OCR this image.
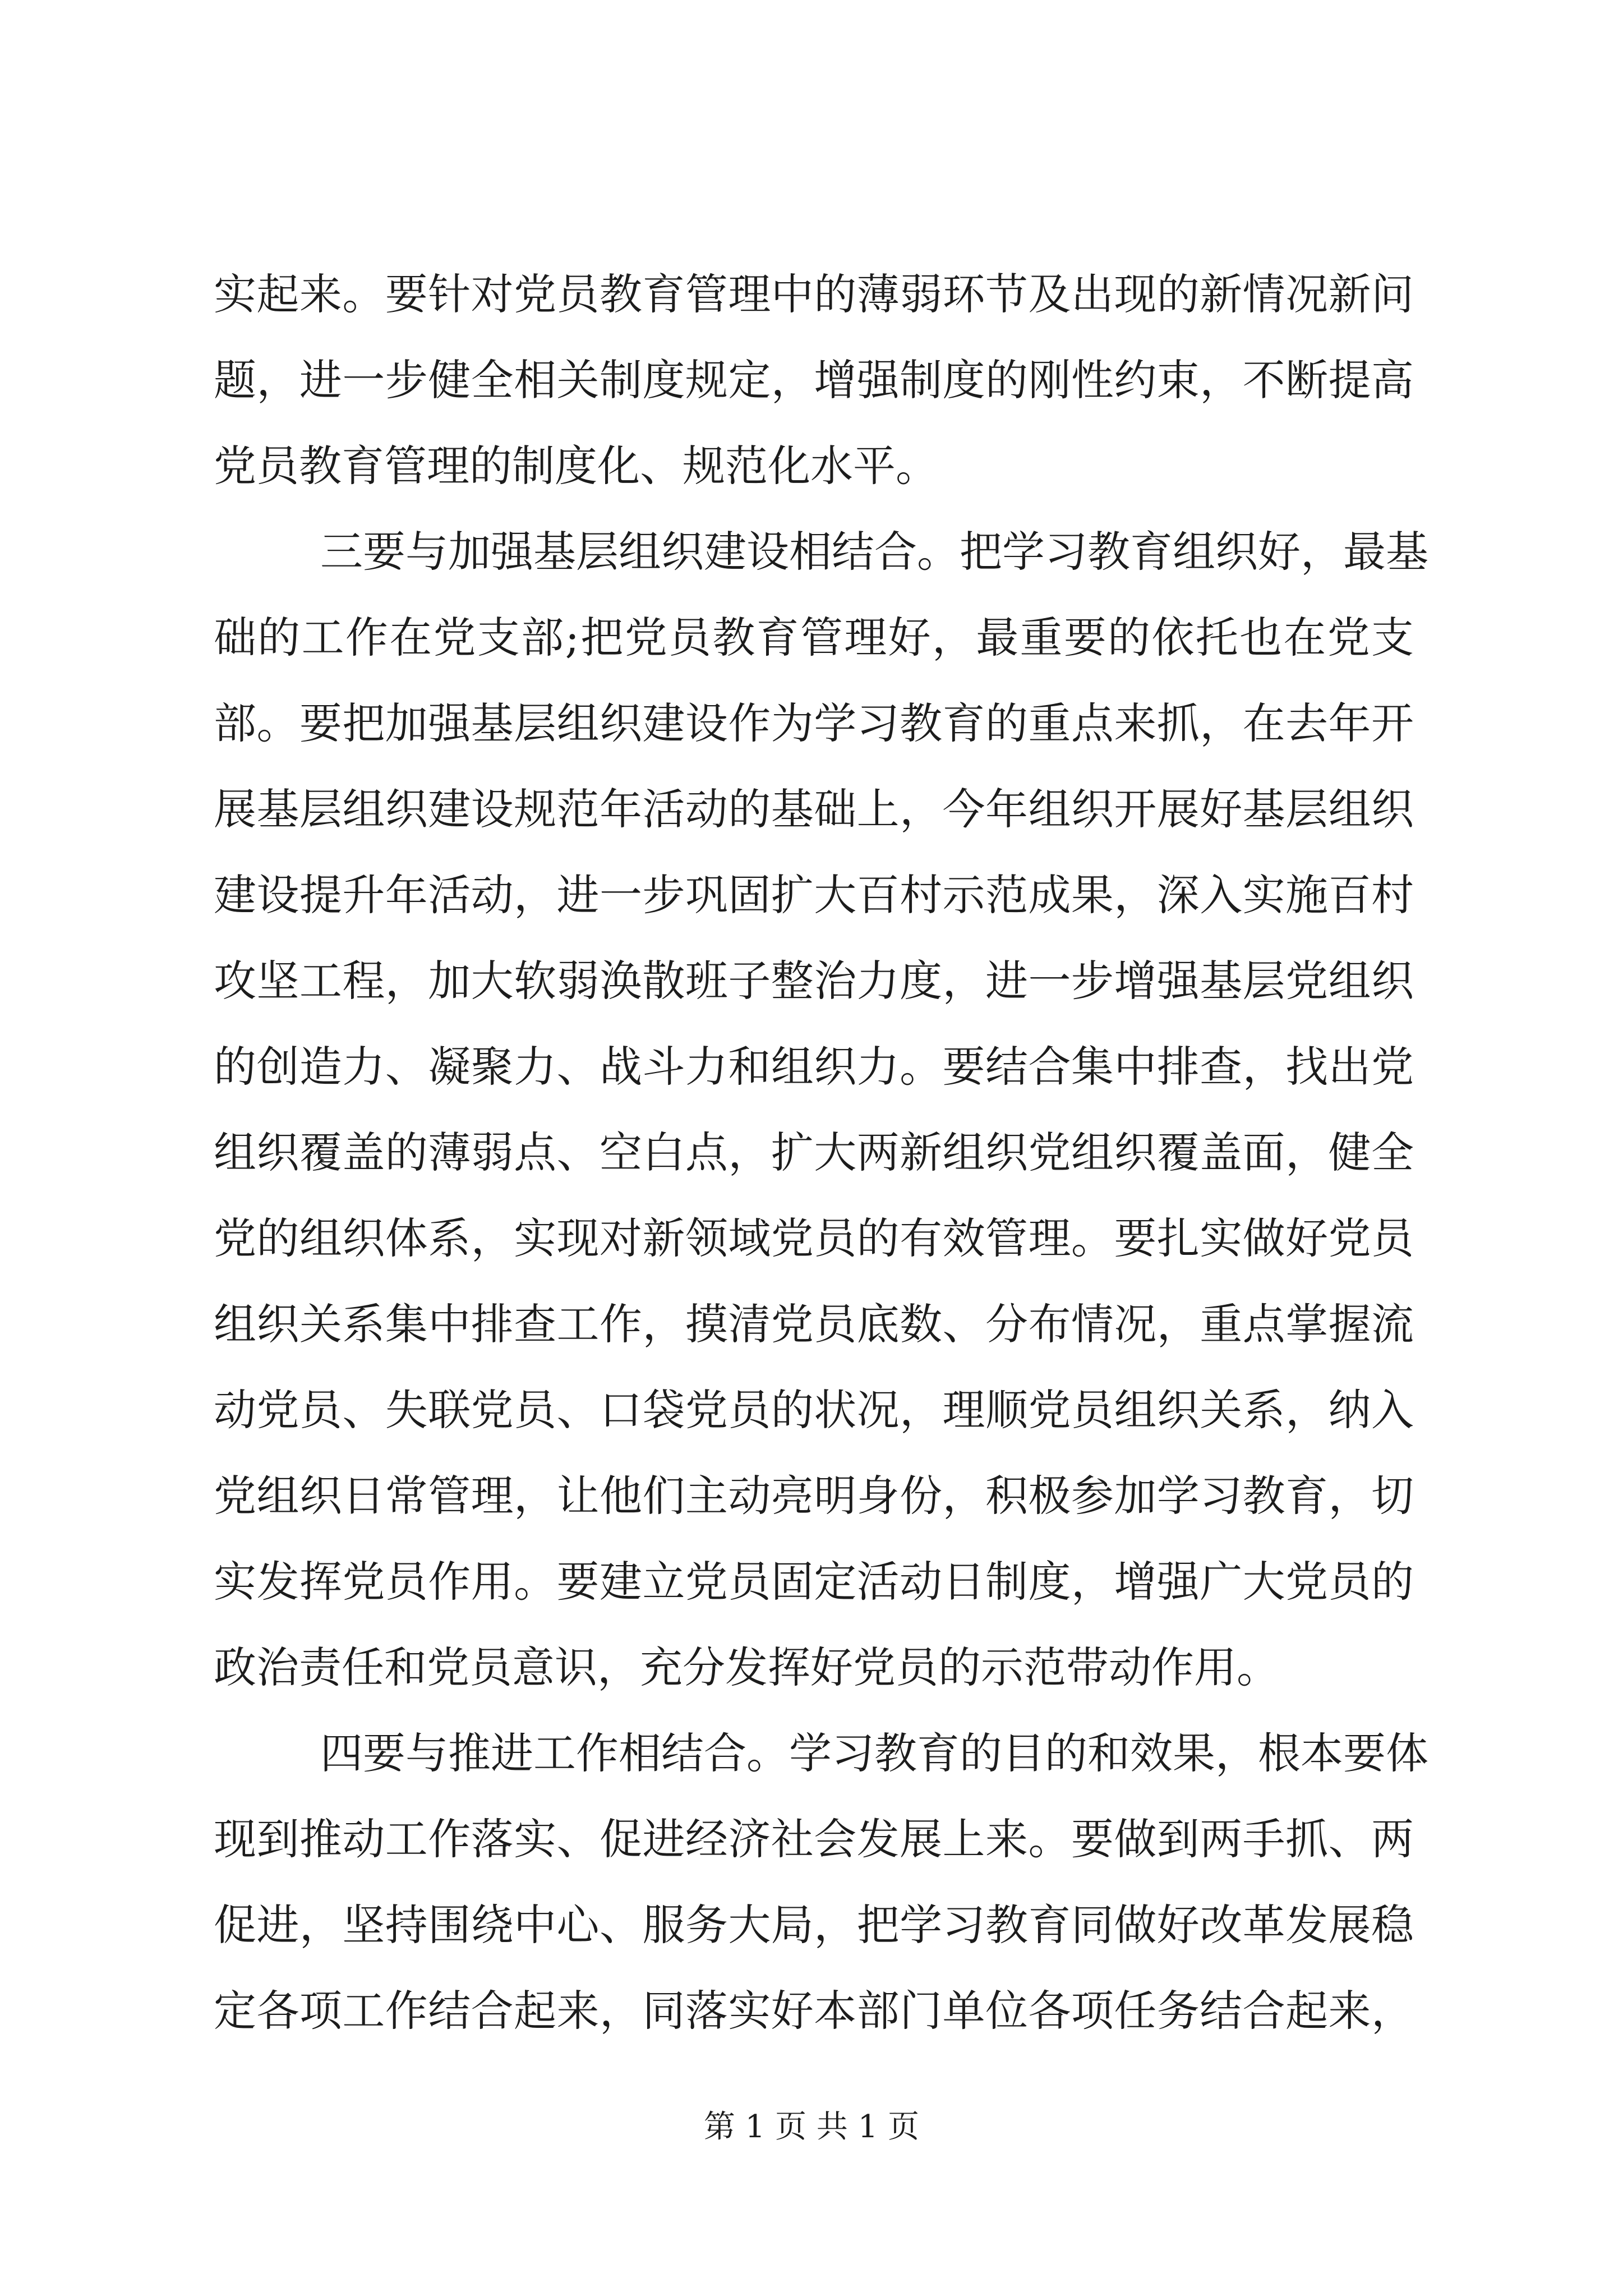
实起来。要针对党员教育管理中的薄弱环节及出现的新情况新问
题，进一步健全相关制度规定，增强制度的刚性约束，不断提高
党员教育管理的制度化、规范化水平。
三要与加强基层组织建设相结合。把学习教育组织好，最基
础的工作在党支部;把党员教育管理好，最重要的依托也在党支
部。要把加强基层组织建设作为学习教育的重点来抓，在去年开
展基层组织建设规范年活动的基础上，今年组织开展好基层组织
建设提升年活动，进一步巩固扩大百村示范成果，深入实施百村
攻坚工程，加大软弱涣散班子整治力度，进一步增强基层党组织
的创造力、凝聚力、战斗力和组织力。要结合集中排查，找出党
组织覆盖的薄弱点、空白点，扩大两新组织党组织覆盖面，健全
党的组织体系，实现对新领域党员的有效管理。要扎实做好党员
组织关系集中排查工作，摸清党员底数、分布情况，重点掌握流
动党员、失联党员、口袋党员的状况，理顺党员组织关系，纳入
党组织日常管理，让他们主动亮明身份，积极参加学习教育，切
实发挥党员作用。要建立党员固定活动日制度，增强广大党员的
政治责任和党员意识，充分发挥好党员的示范带动作用。
四要与推进工作相结合。学习教育的目的和效果，根本要体
现到推动工作落实、促进经济社会发展上来。要做到两手抓、两
促进，坚持围绕中心、服务大局，把学习教育同做好改革发展稳
定各项工作结合起来，同落实好本部门单位各项任务结合起来，
第 1 页 共 1 页
